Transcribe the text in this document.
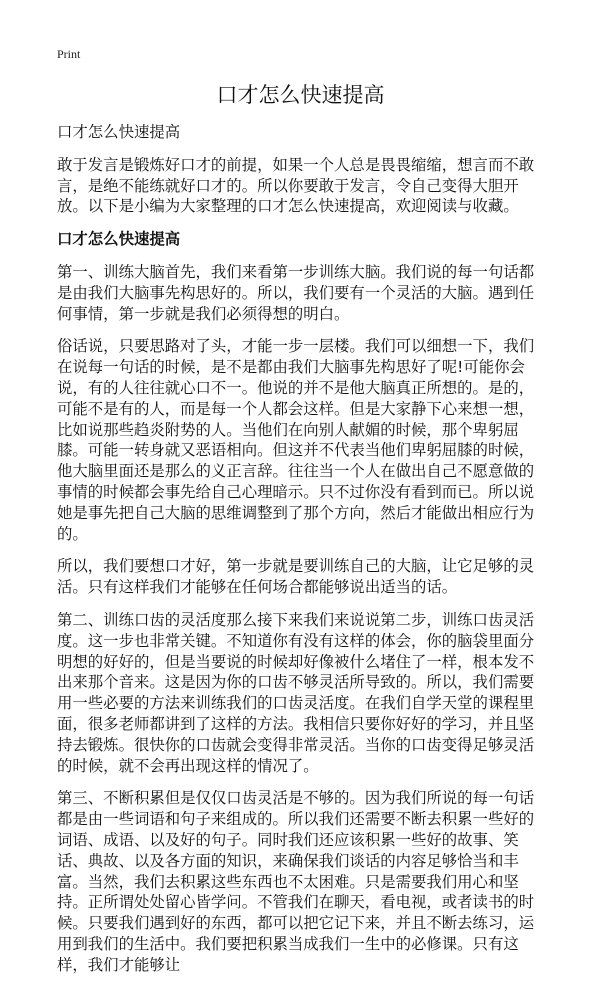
Print
口才怎么快速提高

口才怎么快速提高

敢于发言是锻炼好口才的前提，如果一个人总是畏畏缩缩，想言而不敢言，是绝不能练就好口才的。所以你要敢于发言，令自己变得大胆开放。以下是小编为大家整理的口才怎么快速提高，欢迎阅读与收藏。

口才怎么快速提高

第一、训练大脑首先，我们来看第一步训练大脑。我们说的每一句话都是由我们大脑事先构思好的。所以，我们要有一个灵活的大脑。遇到任何事情，第一步就是我们必须得想的明白。

俗话说，只要思路对了头，才能一步一层楼。我们可以细想一下，我们在说每一句话的时候，是不是都由我们大脑事先构思好了呢!可能你会说，有的人往往就心口不一。他说的并不是他大脑真正所想的。是的，可能不是有的人，而是每一个人都会这样。但是大家静下心来想一想，比如说那些趋炎附势的人。当他们在向别人献媚的时候，那个卑躬屈膝。可能一转身就又恶语相向。但这并不代表当他们卑躬屈膝的时候，他大脑里面还是那么的义正言辞。往往当一个人在做出自己不愿意做的事情的时候都会事先给自己心理暗示。只不过你没有看到而已。所以说她是事先把自己大脑的思维调整到了那个方向，然后才能做出相应行为的。

所以，我们要想口才好，第一步就是要训练自己的大脑，让它足够的灵活。只有这样我们才能够在任何场合都能够说出适当的话。

第二、训练口齿的灵活度那么接下来我们来说说第二步，训练口齿灵活度。这一步也非常关键。不知道你有没有这样的体会，你的脑袋里面分明想的好好的，但是当要说的时候却好像被什么堵住了一样，根本发不出来那个音来。这是因为你的口齿不够灵活所导致的。所以，我们需要用一些必要的方法来训练我们的口齿灵活度。在我们自学天堂的课程里面，很多老师都讲到了这样的方法。我相信只要你好好的学习，并且坚持去锻炼。很快你的口齿就会变得非常灵活。当你的口齿变得足够灵活的时候，就不会再出现这样的情况了。

第三、不断积累但是仅仅口齿灵活是不够的。因为我们所说的每一句话都是由一些词语和句子来组成的。所以我们还需要不断去积累一些好的词语、成语、以及好的句子。同时我们还应该积累一些好的故事、笑话、典故、以及各方面的知识，来确保我们谈话的内容足够恰当和丰富。当然，我们去积累这些东西也不太困难。只是需要我们用心和坚持。正所谓处处留心皆学问。不管我们在聊天，看电视，或者读书的时候。只要我们遇到好的东西，都可以把它记下来，并且不断去练习，运用到我们的生活中。我们要把积累当成我们一生中的必修课。只有这样，我们才能够让
